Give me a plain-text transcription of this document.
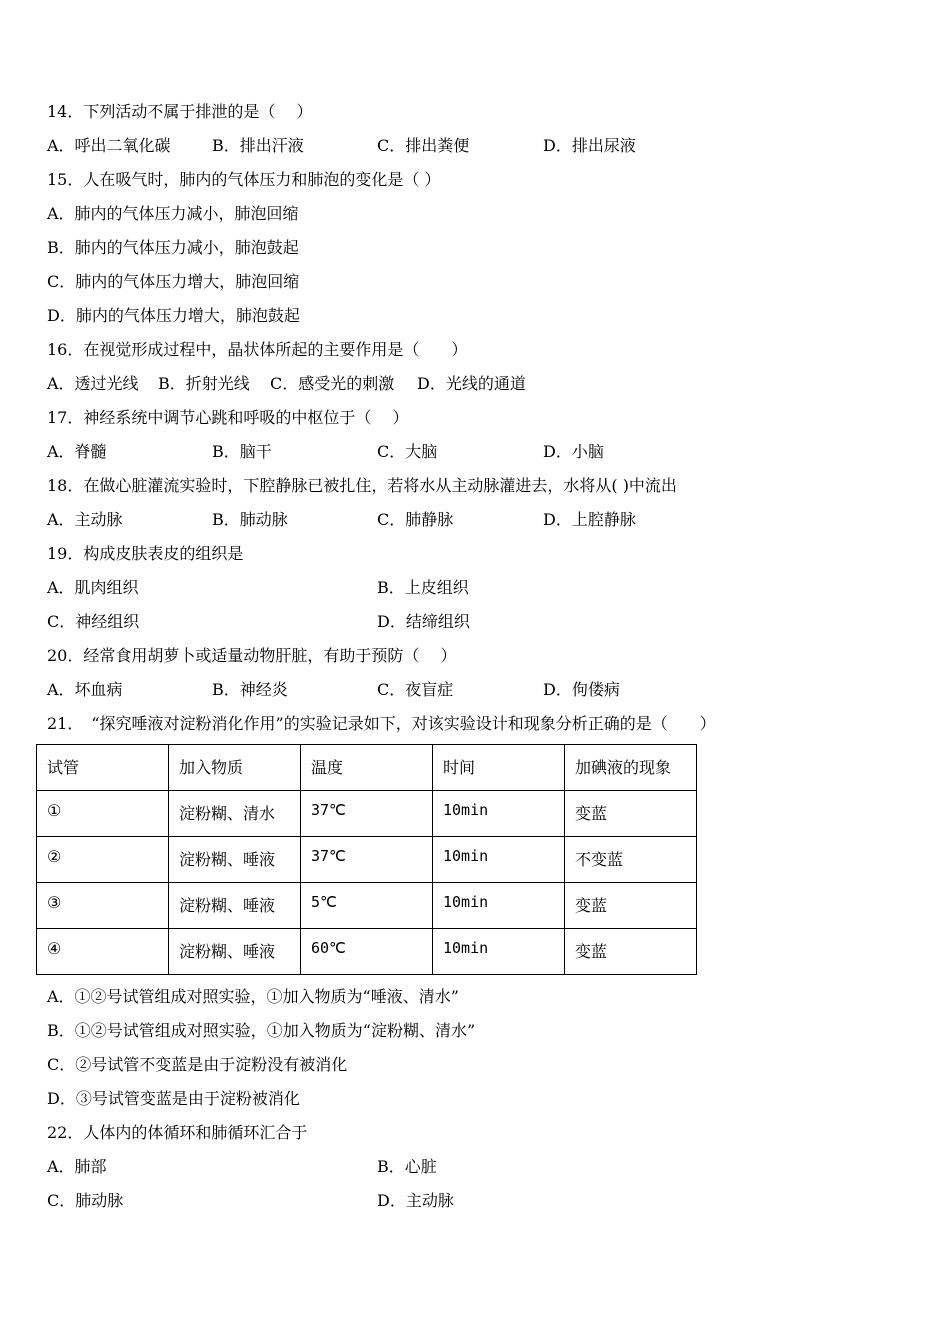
14．下列活动不属于排泄的是（　 ）
A．呼出二氧化碳	B．排出汗液	C．排出粪便	D．排出尿液
15．人在吸气时，肺内的气体压力和肺泡的变化是（ ）
A．肺内的气体压力减小，肺泡回缩
B．肺内的气体压力减小，肺泡鼓起
C．肺内的气体压力增大，肺泡回缩
D．肺内的气体压力增大，肺泡鼓起
16．在视觉形成过程中，晶状体所起的主要作用是（　　）
A．透过光线 B．折射光线 C．感受光的刺激 D．光线的通道
17．神经系统中调节心跳和呼吸的中枢位于（　 ）
A．脊髓	B．脑干	C．大脑	D．小脑
18．在做心脏灌流实验时，下腔静脉已被扎住，若将水从主动脉灌进去，水将从( )中流出
A．主动脉	B．肺动脉	C．肺静脉	D．上腔静脉
19．构成皮肤表皮的组织是
A．肌肉组织	B．上皮组织
C．神经组织	D．结缔组织
20．经常食用胡萝卜或适量动物肝脏，有助于预防（　 ）
A．坏血病	B．神经炎	C．夜盲症	D．佝偻病
21．　“探究唾液对淀粉消化作用”的实验记录如下，对该实验设计和现象分析正确的是（　　）
试管	加入物质	温度	时间	加碘液的现象
①	淀粉糊、清水	37℃	10min	变蓝
②	淀粉糊、唾液	37℃	10min	不变蓝
③	淀粉糊、唾液	5℃	10min	变蓝
④	淀粉糊、唾液	60℃	10min	变蓝
A．①②号试管组成对照实验，①加入物质为“唾液、清水”
B．①②号试管组成对照实验，①加入物质为“淀粉糊、清水”
C．②号试管不变蓝是由于淀粉没有被消化
D．③号试管变蓝是由于淀粉被消化
22．人体内的体循环和肺循环汇合于
A．肺部	B．心脏
C．肺动脉	D．主动脉
